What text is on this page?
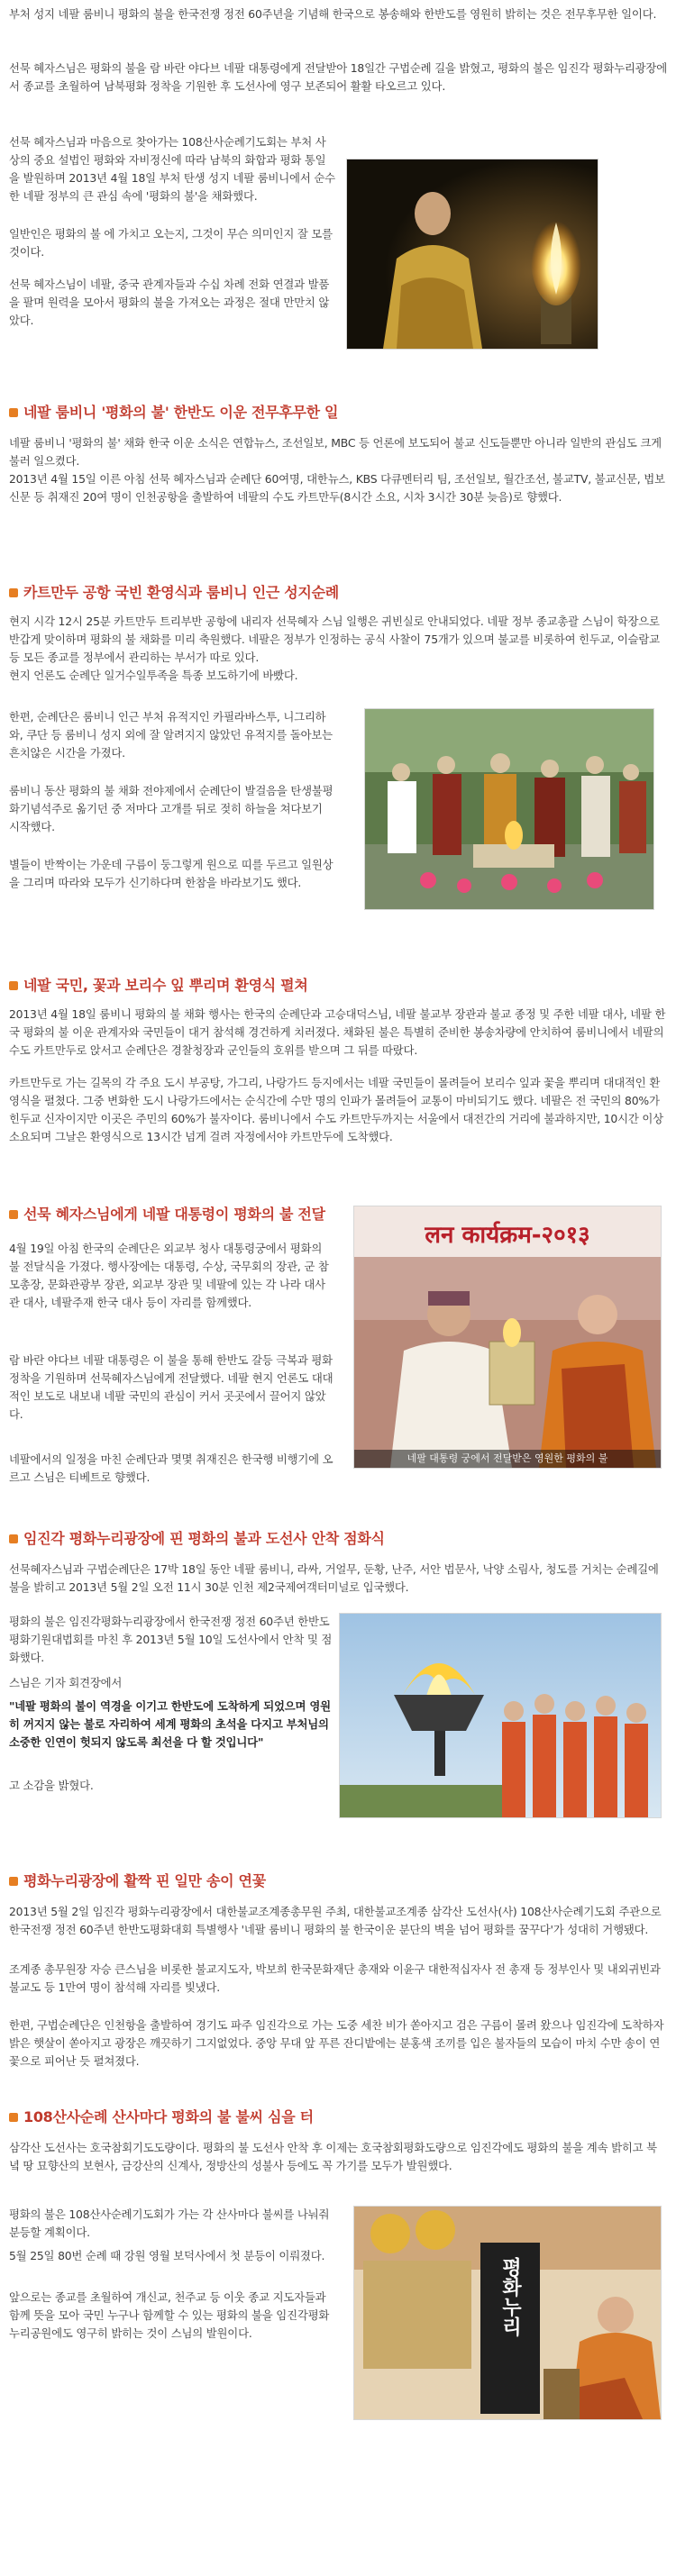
부처 성지 네팔 룸비니 평화의 불을 한국전쟁 정전 60주년을 기념해 한국으로 봉송해와 한반도를 영원히 밝히는 것은 전무후무한 일이다.

선묵 혜자스님은 평화의 불을 람 바란 야다브 네팔 대통령에게 전달받아 18일간 구법순례 길을 밝혔고, 평화의 불은 임진각 평화누리광장에서 종교를 초월하여 남북평화 정착을 기원한 후 도선사에 영구 보존되어 활활 타오르고 있다.

선묵 혜자스님과 마음으로 찾아가는 108산사순례기도회는 부처 사상의 중요 설법인 평화와 자비정신에 따라 남북의 화합과 평화 통일을 발원하며 2013년 4월 18일 부처 탄생 성지 네팔 룸비니에서 순수한 네팔 정부의 큰 관심 속에 '평화의 불'을 채화했다.

일반인은 평화의 불 에 가치고 오는지, 그것이 무슨 의미인지 잘 모를 것이다.

선묵 혜자스님이 네팔, 중국 관계자들과 수십 차례 전화 연결과 발품을 팔며 원력을 모아서 평화의 불을 가져오는 과정은 절대 만만치 않았다.

네팔 룸비니 '평화의 불' 한반도 이운 전무후무한 일

네팔 룸비니 '평화의 불' 채화 한국 이운 소식은 연합뉴스, 조선일보, MBC 등 언론에 보도되어 불교 신도들뿐만 아니라 일반의 관심도 크게 불러 일으켰다.

2013년 4월 15일 이른 아침 선묵 혜자스님과 순례단 60여명, 대한뉴스, KBS 다큐멘터리 팀, 조선일보, 월간조선, 불교TV, 불교신문, 법보신문 등 취재진 20여 명이 인천공항을 출발하여 네팔의 수도 카트만두(8시간 소요, 시차 3시간 30분 늦음)로 향했다.

카트만두 공항 국빈 환영식과 룸비니 인근 성지순례

현지 시각 12시 25분 카트만두 트리부반 공항에 내리자 선묵혜자 스님 일행은 귀빈실로 안내되었다. 네팔 정부 종교총괄 스님이 학장으로 반갑게 맞이하며 평화의 불 채화를 미리 축원했다. 네팔은 정부가 인정하는 공식 사찰이 75개가 있으며 불교를 비롯하여 힌두교, 이슬람교 등 모든 종교를 정부에서 관리하는 부서가 따로 있다.

현지 언론도 순례단 일거수일투족을 특종 보도하기에 바빴다.

한편, 순례단은 룸비니 인근 부처 유적지인 카필라바스투, 니그리하와, 쿠단 등 룸비니 성지 외에 잘 알려지지 않았던 유적지를 돌아보는 흔치않은 시간을 가졌다.

룸비니 동산 평화의 불 채화 전야제에서 순례단이 발걸음을 탄생불평화기념석주로 옮기던 중 저마다 고개를 뒤로 젖히 하늘을 쳐다보기 시작했다.

별들이 반짝이는 가운데 구름이 둥그렇게 원으로 띠를 두르고 일원상을 그리며 따라와 모두가 신기하다며 한참을 바라보기도 했다.

네팔 국민, 꽃과 보리수 잎 뿌리며 환영식 펼쳐

2013년 4월 18일 룸비니 평화의 불 채화 행사는 한국의 순례단과 고승대덕스님, 네팔 불교부 장관과 불교 종정 및 주한 네팔 대사, 네팔 한국 평화의 불 이운 관계자와 국민들이 대거 참석해 경건하게 치러졌다. 채화된 불은 특별히 준비한 봉송차량에 안치하여 룸비니에서 네팔의 수도 카트만두로 앉서고 순례단은 경찰청장과 군인들의 호위를 받으며 그 뒤를 따랐다.

카트만두로 가는 길목의 각 주요 도시 부공탕, 가그리, 나랑가드 등지에서는 네팔 국민들이 몰려들어 보리수 잎과 꽃을 뿌리며 대대적인 환영식을 펼쳤다. 그중 변화한 도시 나랑가드에서는 순식간에 수만 명의 인파가 몰려들어 교통이 마비되기도 했다. 네팔은 전 국민의 80%가 힌두교 신자이지만 이곳은 주민의 60%가 불자이다. 룸비니에서 수도 카트만두까지는 서울에서 대전간의 거리에 불과하지만, 10시간 이상 소요되며 그날은 환영식으로 13시간 넘게 걸려 자정에서야 카트만두에 도착했다.

선묵 혜자스님에게 네팔 대통령이 평화의 불 전달

4월 19일 아침 한국의 순례단은 외교부 청사 대통령궁에서 평화의 불 전달식을 가졌다. 행사장에는 대통령, 수상, 국무회의 장관, 군 참모총장, 문화관광부 장관, 외교부 장관 및 네팔에 있는 각 나라 대사관 대사, 네팔주재 한국 대사 등이 자리를 함께했다.

람 바란 야다브 네팔 대통령은 이 불을 통해 한반도 갈등 극복과 평화정착을 기원하며 선묵혜자스님에게 전달했다. 네팔 현지 언론도 대대적인 보도로 내보내 네팔 국민의 관심이 커서 곳곳에서 끌어지 않았다.

네팔에서의 일정을 마친 순례단과 몇몇 취재진은 한국행 비행기에 오르고 스님은 티베트로 향했다.

लन कार्यक्रम-२०१३
네팔 대통령 궁에서 전달받은 영원한 평화의 불
임진각 평화누리광장에 핀 평화의 불과 도선사 안착 점화식

선묵혜자스님과 구법순례단은 17박 18일 동안 네팔 룸비니, 라싸, 거얼무, 둔황, 난주, 서안 법문사, 낙양 소림사, 청도를 거치는 순례길에 불을 밝히고 2013년 5월 2일 오전 11시 30분 인천 제2국제여객터미널로 입국했다.

평화의 불은 임진각평화누리광장에서 한국전쟁 정전 60주년 한반도평화기원대법회를 마친 후 2013년 5월 10일 도선사에서 안착 및 점화했다.

스님은 기자 회견장에서

"네팔 평화의 불이 역경을 이기고 한반도에 도착하게 되었으며 영원히 꺼지지 않는 불로 자리하여 세계 평화의 초석을 다지고 부처님의 소중한 인연이 헛되지 않도록 최선을 다 할 것입니다"

고 소감을 밝혔다.

평화누리광장에 활짝 핀 일만 송이 연꽃

2013년 5월 2일 임진각 평화누리광장에서 대한불교조계종총무원 주최, 대한불교조계종 삼각산 도선사(사) 108산사순례기도회 주관으로 한국전쟁 정전 60주년 한반도평화대회 특별행사 '네팔 룸비니 평화의 불 한국이운 분단의 벽을 넘어 평화를 꿈꾸다'가 성대히 거행됐다.

조계종 총무원장 자승 큰스님을 비롯한 불교지도자, 박보희 한국문화재단 총재와 이윤구 대한적십자사 전 총재 등 정부인사 및 내외귀빈과 불교도 등 1만여 명이 참석해 자리를 빛냈다.

한편, 구법순례단은 인천항을 출발하여 경기도 파주 임진각으로 가는 도중 세찬 비가 쏟아지고 검은 구름이 몰려 왔으나 임진각에 도착하자 밝은 햇살이 쏟아지고 광장은 깨끗하기 그지없었다. 중앙 무대 앞 푸른 잔디밭에는 분홍색 조끼를 입은 불자들의 모습이 마치 수만 송이 연꽃으로 피어난 듯 펼쳐졌다.

108산사순례 산사마다 평화의 불 불씨 심을 터

삼각산 도선사는 호국참회기도도량이다. 평화의 불 도선사 안착 후 이제는 호국참회평화도량으로 임진각에도 평화의 불을 계속 밝히고 북녘 땅 묘향산의 보현사, 금강산의 신계사, 정방산의 성불사 등에도 꼭 가기를 모두가 발원했다.

평화의 불은 108산사순례기도회가 가는 각 산사마다 불씨를 나눠줘 분등할 계획이다.

5월 25일 80번 순례 때 강원 영월 보덕사에서 첫 분등이 이뤄졌다.

앞으로는 종교를 초월하여 개신교, 천주교 등 이웃 종교 지도자들과 함께 뜻을 모아 국민 누구나 함께할 수 있는 평화의 불을 임진각평화누리공원에도 영구히 밝히는 것이 스님의 발원이다.	평화누리
